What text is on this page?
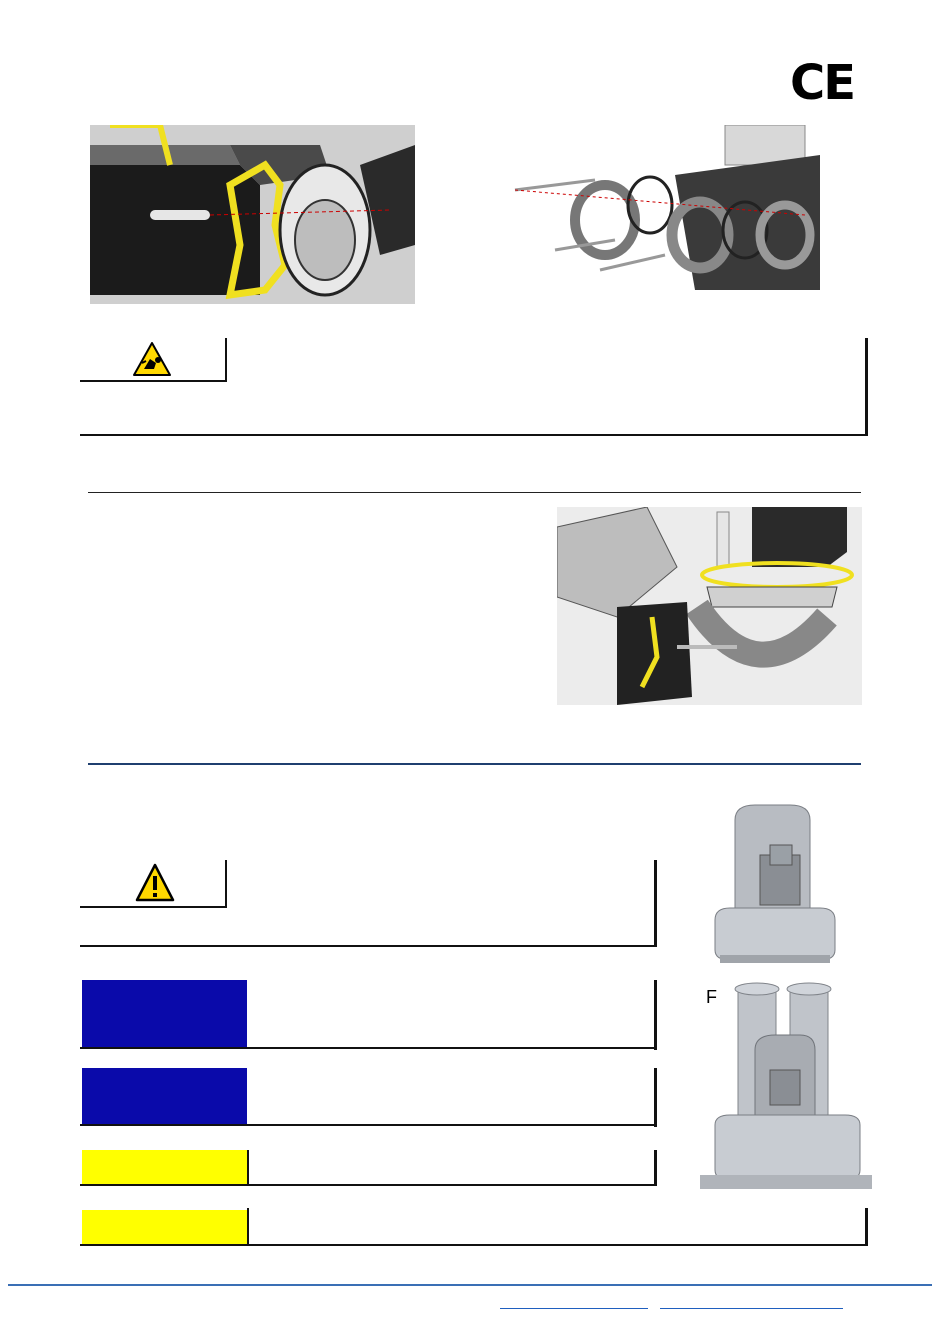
CE
F
